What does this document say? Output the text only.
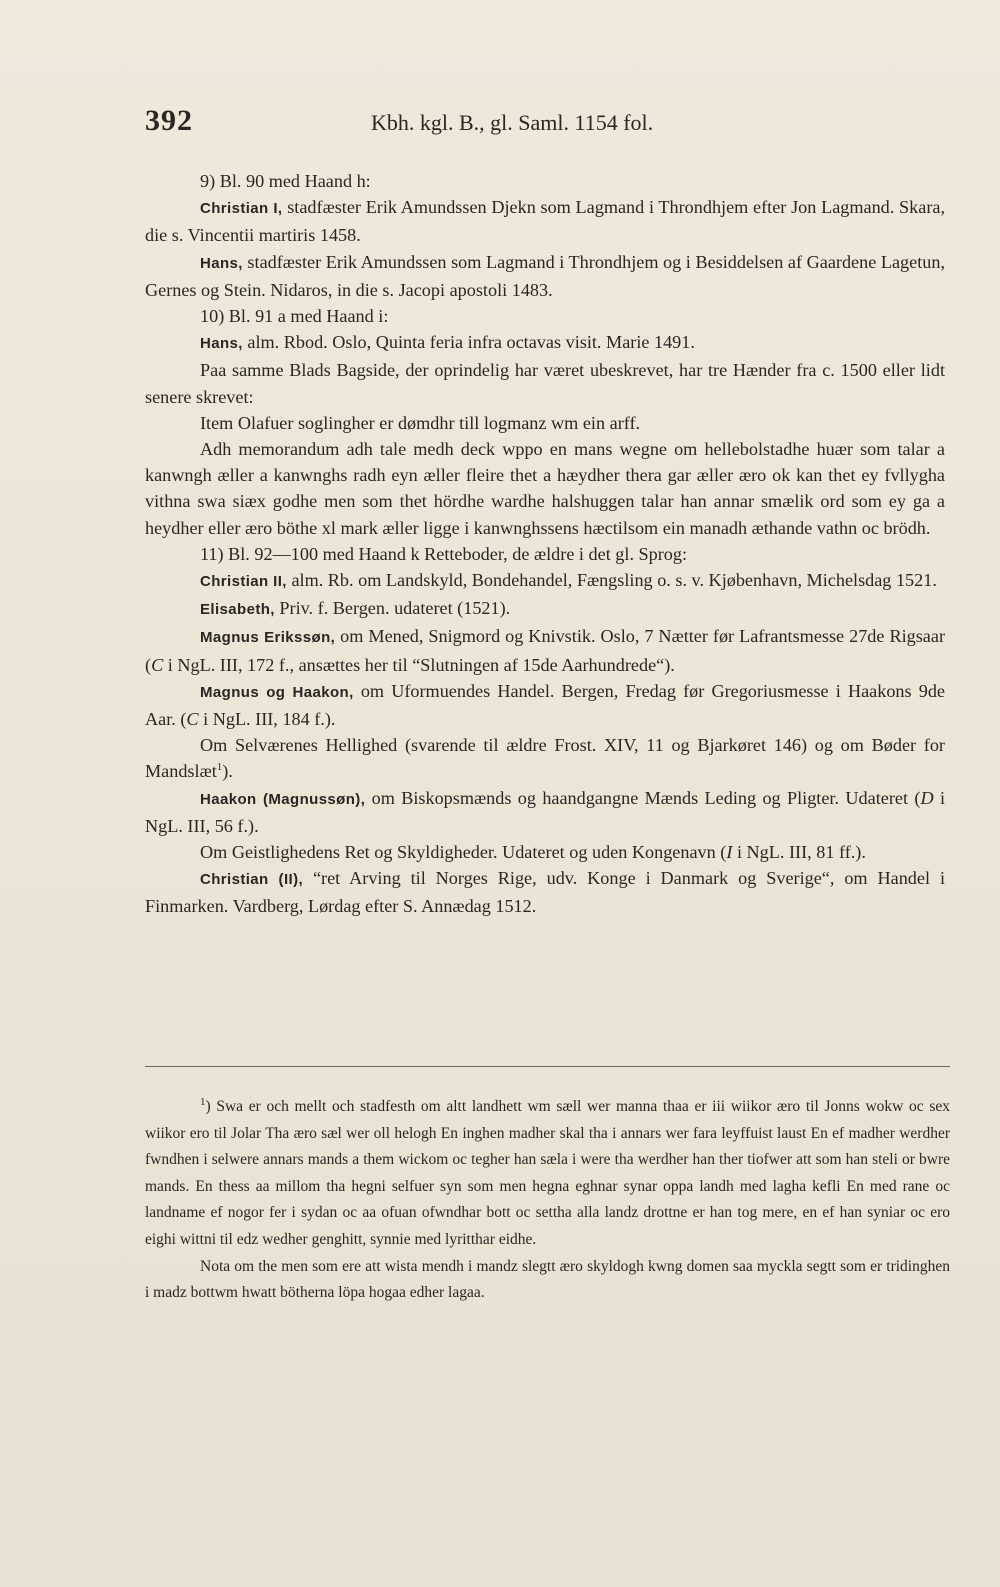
392	Kbh. kgl. B., gl. Saml. 1154 fol.

9) Bl. 90 med Haand h:

Christian I, stadfæster Erik Amundssen Djekn som Lagmand i Throndhjem efter Jon Lagmand. Skara, die s. Vincentii martiris 1458.

Hans, stadfæster Erik Amundssen som Lagmand i Throndhjem og i Besiddelsen af Gaardene Lagetun, Gernes og Stein. Nidaros, in die s. Jacopi apostoli 1483.

10) Bl. 91 a med Haand i:

Hans, alm. Rbod. Oslo, Quinta feria infra octavas visit. Marie 1491.

Paa samme Blads Bagside, der oprindelig har været ubeskrevet, har tre Hænder fra c. 1500 eller lidt senere skrevet:

Item Olafuer soglingher er dømdhr till logmanz wm ein arff.

Adh memorandum adh tale medh deck wppo en mans wegne om hellebolstadhe huær som talar a kanwngh æller a kanwnghs radh eyn æller fleire thet a hæydher thera gar æller æro ok kan thet ey fvllygha vithna swa siæx godhe men som thet hördhe wardhe halshuggen talar han annar smælik ord som ey ga a heydher eller æro böthe xl mark æller ligge i kanwnghssens hæctilsom ein manadh æthande vathn oc brödh.

11) Bl. 92—100 med Haand k Retteboder, de ældre i det gl. Sprog:

Christian II, alm. Rb. om Landskyld, Bondehandel, Fængsling o. s. v. Kjøbenhavn, Michelsdag 1521.

Elisabeth, Priv. f. Bergen. udateret (1521).

Magnus Erikssøn, om Mened, Snigmord og Knivstik. Oslo, 7 Nætter før Lafrantsmesse 27de Rigsaar (C i NgL. III, 172 f., ansættes her til “Slutningen af 15de Aarhundrede“).

Magnus og Haakon, om Uformuendes Handel. Bergen, Fredag før Gregoriusmesse i Haakons 9de Aar. (C i NgL. III, 184 f.).

Om Selværenes Hellighed (svarende til ældre Frost. XIV, 11 og Bjarkøret 146) og om Bøder for Mandslæt$^1$).

Haakon (Magnussøn), om Biskopsmænds og haandgangne Mænds Leding og Pligter. Udateret (D i NgL. III, 56 f.).

Om Geistlighedens Ret og Skyldigheder. Udateret og uden Kongenavn (I i NgL. III, 81 ff.).

Christian (II), “ret Arving til Norges Rige, udv. Konge i Danmark og Sverige“, om Handel i Finmarken. Vardberg, Lørdag efter S. Annædag 1512.

$^1$) Swa er och mellt och stadfesth om altt landhett wm sæll wer manna thaa er iii wiikor æro til Jonns wokw oc sex wiikor ero til Jolar Tha æro sæl wer oll helogh En inghen madher skal tha i annars wer fara leyffuist laust En ef madher werdher fwndhen i selwere annars mands a them wickom oc tegher han sæla i were tha werdher han ther tiofwer att som han steli or bwre mands. En thess aa millom tha hegni selfuer syn som men hegna eghnar synar oppa landh med lagha kefli En med rane oc landname ef nogor fer i sydan oc aa ofuan ofwndhar bott oc settha alla landz drottne er han tog mere, en ef han syniar oc ero eighi wittni til edz wedher genghitt, synnie med lyritthar eidhe.

Nota om the men som ere att wista mendh i mandz slegtt æro skyldogh kwng domen saa myckla segtt som er tridinghen i madz bottwm hwatt bötherna löpa hogaa edher lagaa.
